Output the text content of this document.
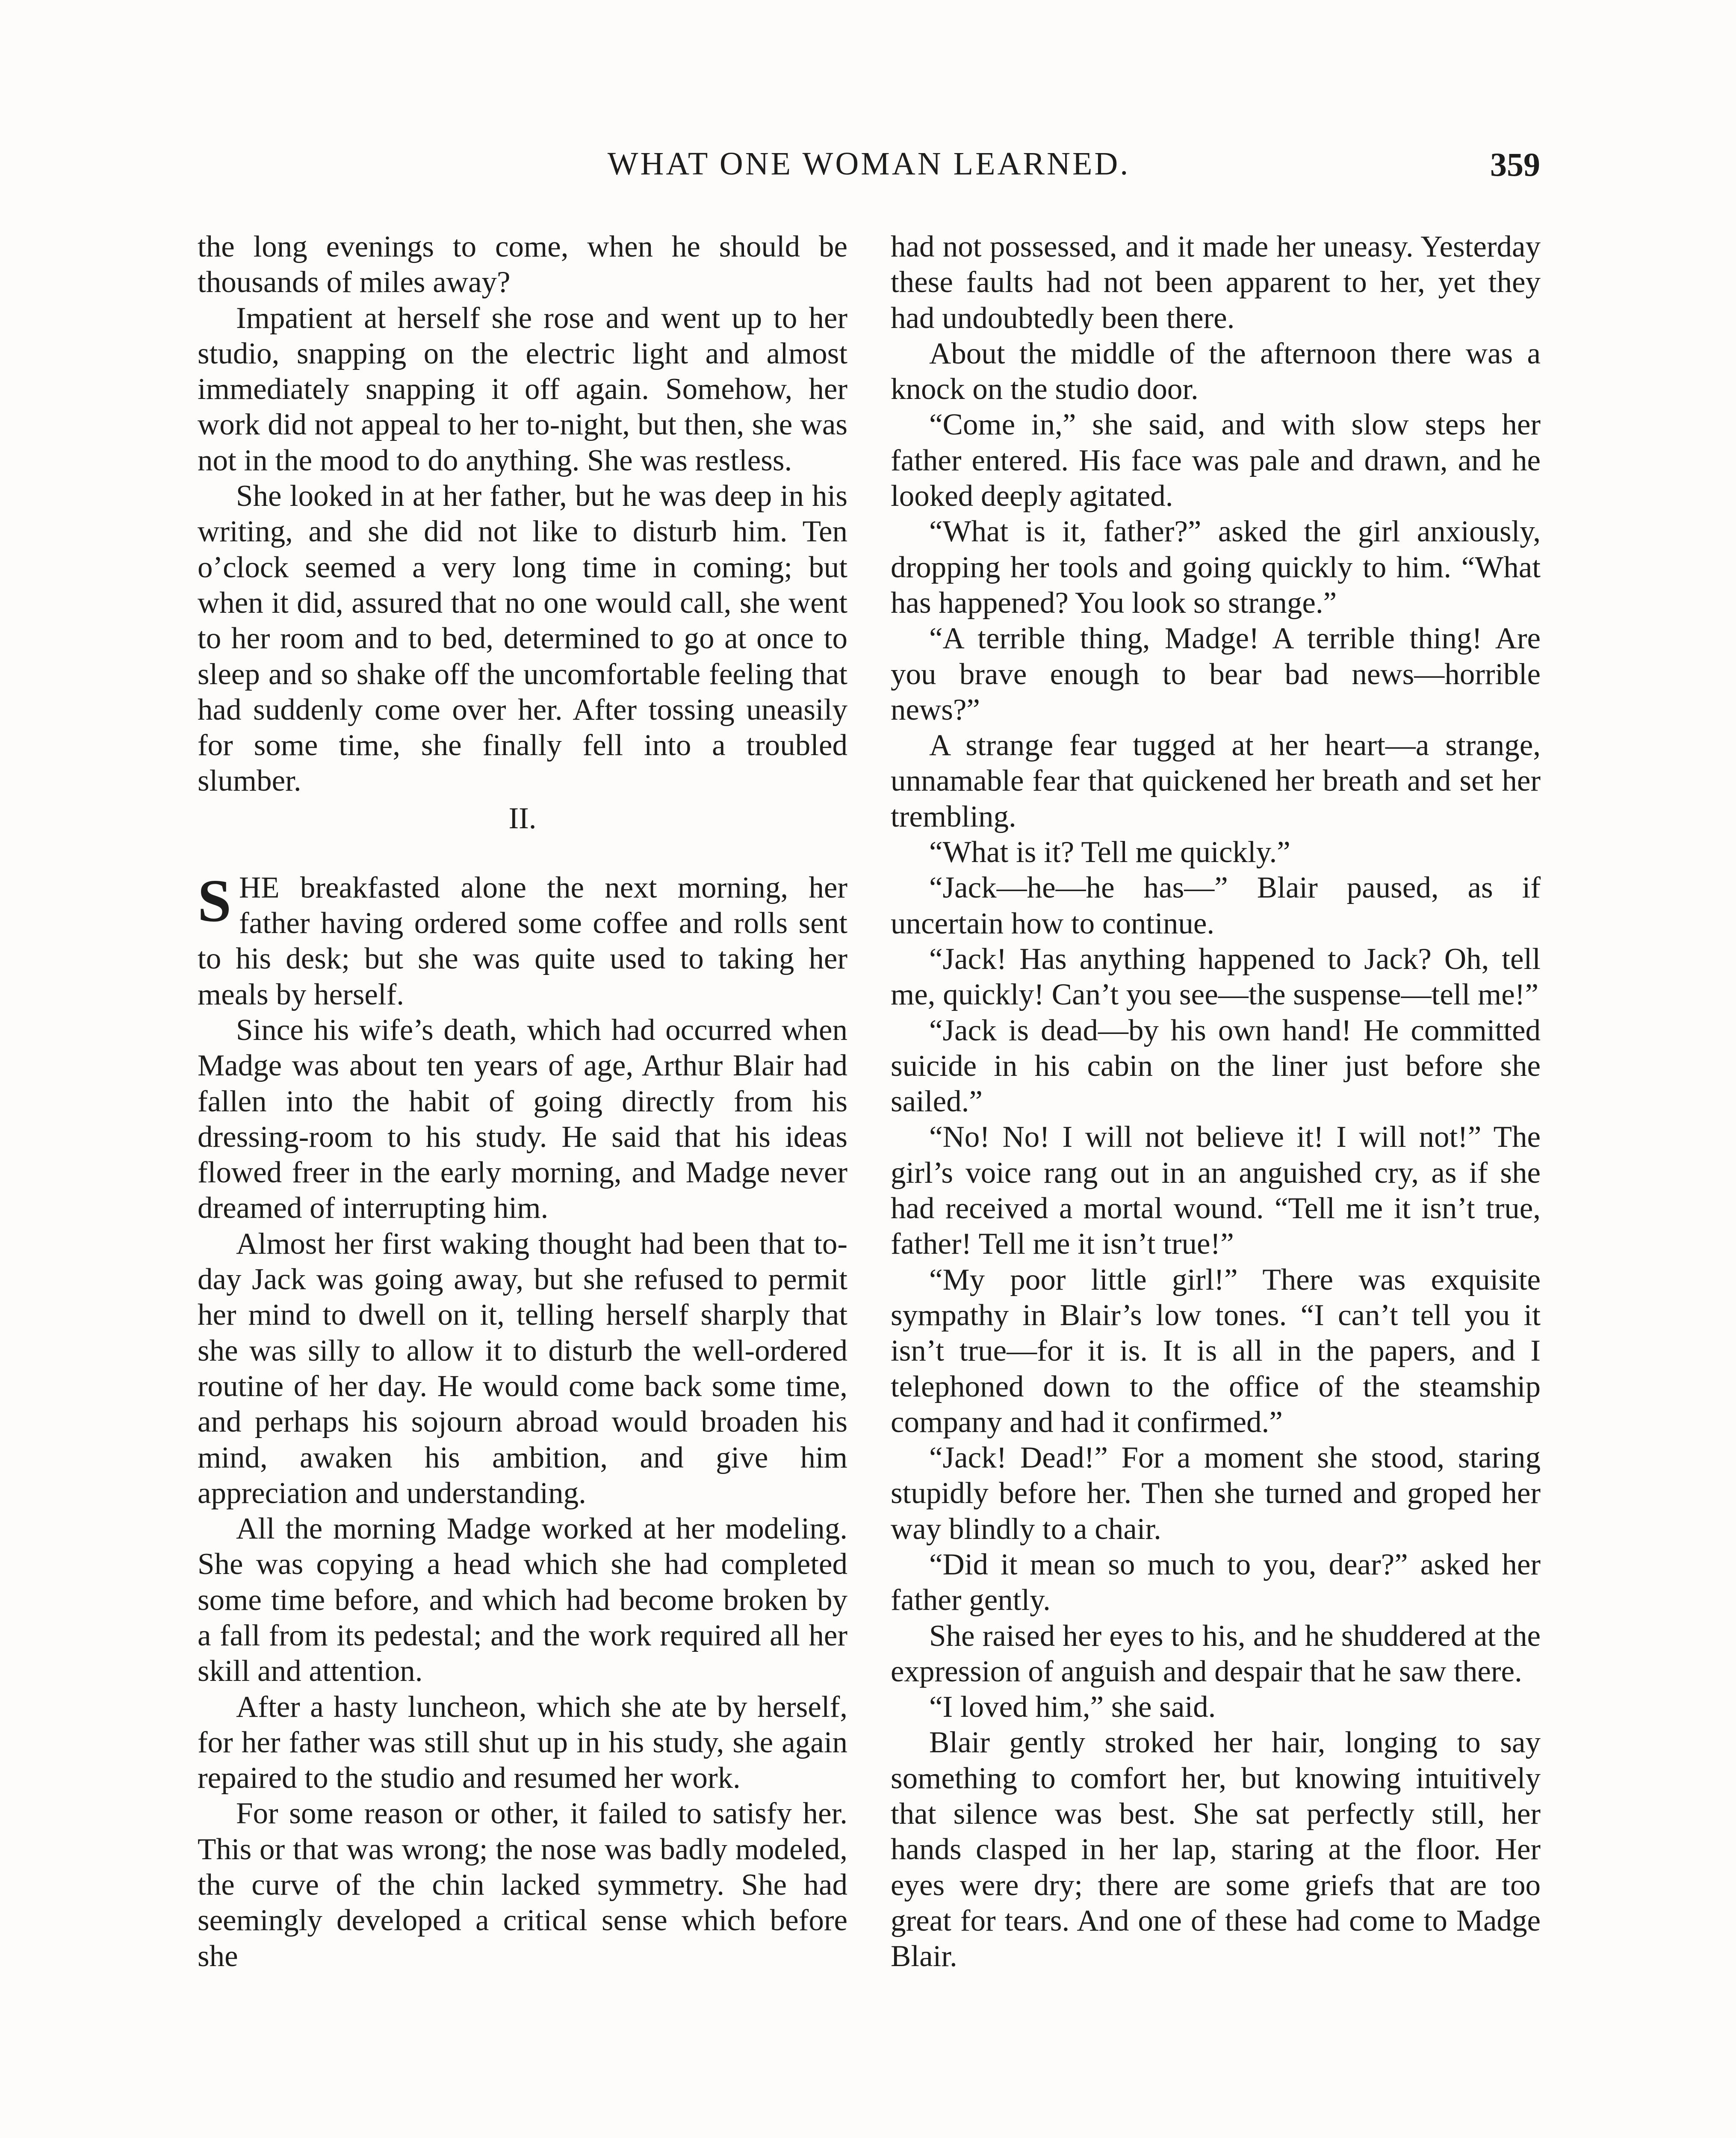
WHAT ONE WOMAN LEARNED.	359

the long evenings to come, when he should be thousands of miles away?

Impatient at herself she rose and went up to her studio, snapping on the electric light and almost immediately snapping it off again. Somehow, her work did not appeal to her to-night, but then, she was not in the mood to do anything. She was restless.

She looked in at her father, but he was deep in his writing, and she did not like to disturb him. Ten o’clock seemed a very long time in coming; but when it did, assured that no one would call, she went to her room and to bed, determined to go at once to sleep and so shake off the uncomfortable feeling that had suddenly come over her. After tossing uneasily for some time, she finally fell into a troubled slumber.

II.

SHE breakfasted alone the next morning, her father having ordered some coffee and rolls sent to his desk; but she was quite used to taking her meals by herself.

Since his wife’s death, which had occurred when Madge was about ten years of age, Arthur Blair had fallen into the habit of going directly from his dressing-room to his study. He said that his ideas flowed freer in the early morning, and Madge never dreamed of interrupting him.

Almost her first waking thought had been that to-day Jack was going away, but she refused to permit her mind to dwell on it, telling herself sharply that she was silly to allow it to disturb the well-ordered routine of her day. He would come back some time, and perhaps his sojourn abroad would broaden his mind, awaken his ambition, and give him appreciation and understanding.

All the morning Madge worked at her modeling. She was copying a head which she had completed some time before, and which had become broken by a fall from its pedestal; and the work required all her skill and attention.

After a hasty luncheon, which she ate by herself, for her father was still shut up in his study, she again repaired to the studio and resumed her work.

For some reason or other, it failed to satisfy her. This or that was wrong; the nose was badly modeled, the curve of the chin lacked symmetry. She had seemingly developed a critical sense which before she

had not possessed, and it made her uneasy. Yesterday these faults had not been apparent to her, yet they had undoubtedly been there.

About the middle of the afternoon there was a knock on the studio door.

“Come in,” she said, and with slow steps her father entered. His face was pale and drawn, and he looked deeply agitated.

“What is it, father?” asked the girl anxiously, dropping her tools and going quickly to him. “What has happened? You look so strange.”

“A terrible thing, Madge! A terrible thing! Are you brave enough to bear bad news—horrible news?”

A strange fear tugged at her heart—a strange, unnamable fear that quickened her breath and set her trembling.

“What is it? Tell me quickly.”

“Jack—he—he has—” Blair paused, as if uncertain how to continue.

“Jack! Has anything happened to Jack? Oh, tell me, quickly! Can’t you see—the suspense—tell me!”

“Jack is dead—by his own hand! He committed suicide in his cabin on the liner just before she sailed.”

“No! No! I will not believe it! I will not!” The girl’s voice rang out in an anguished cry, as if she had received a mortal wound. “Tell me it isn’t true, father! Tell me it isn’t true!”

“My poor little girl!” There was exquisite sympathy in Blair’s low tones. “I can’t tell you it isn’t true—for it is. It is all in the papers, and I telephoned down to the office of the steamship company and had it confirmed.”

“Jack! Dead!” For a moment she stood, staring stupidly before her. Then she turned and groped her way blindly to a chair.

“Did it mean so much to you, dear?” asked her father gently.

She raised her eyes to his, and he shuddered at the expression of anguish and despair that he saw there.

“I loved him,” she said.

Blair gently stroked her hair, longing to say something to comfort her, but knowing intuitively that silence was best. She sat perfectly still, her hands clasped in her lap, staring at the floor. Her eyes were dry; there are some griefs that are too great for tears. And one of these had come to Madge Blair.
